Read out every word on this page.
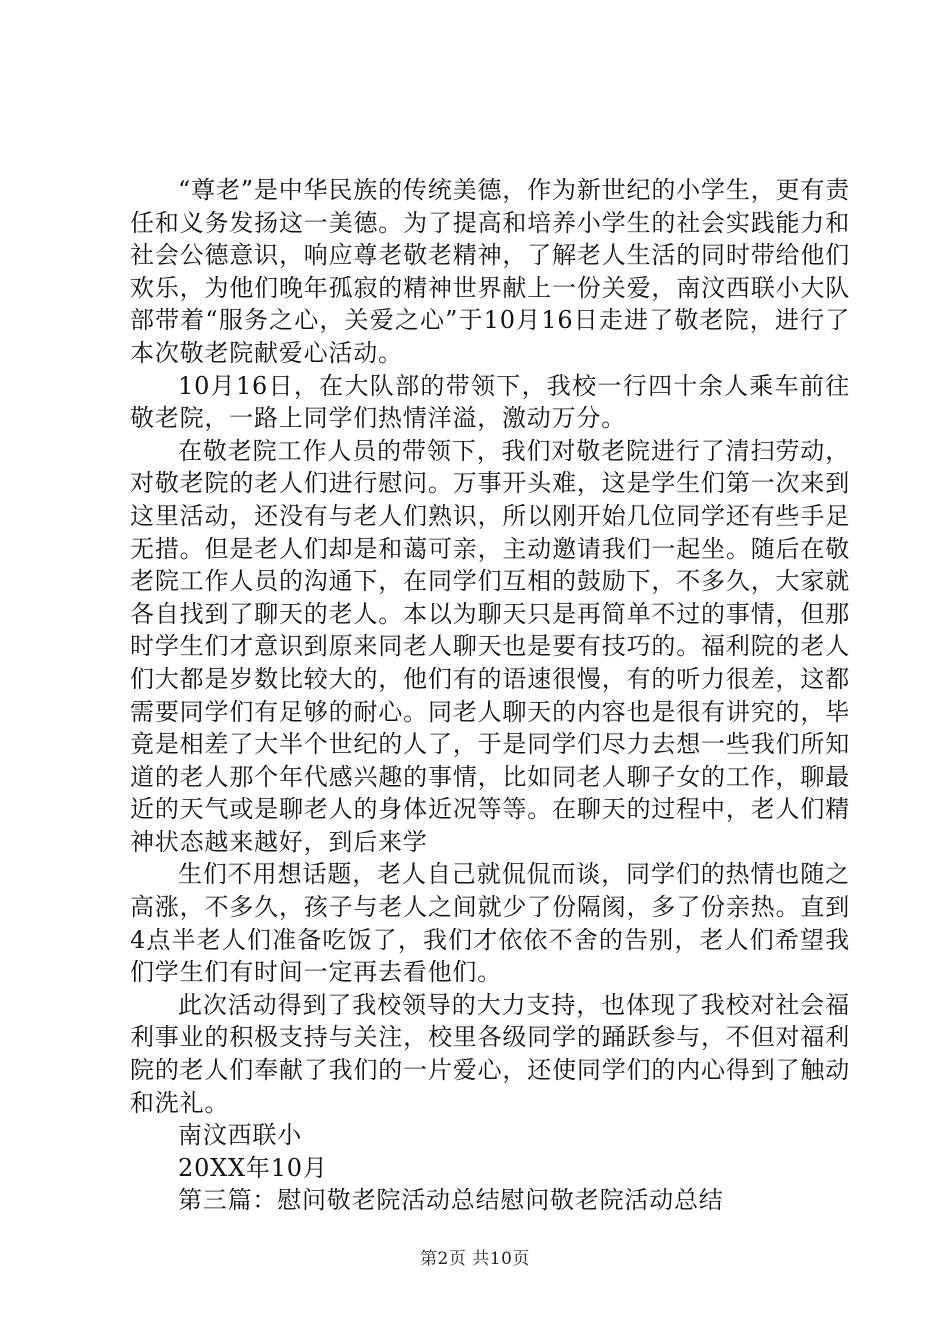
“尊老”是中华民族的传统美德，作为新世纪的小学生，更有责任和义务发扬这一美德。为了提高和培养小学生的社会实践能力和社会公德意识，响应尊老敬老精神，了解老人生活的同时带给他们欢乐，为他们晚年孤寂的精神世界献上一份关爱，南汶西联小大队部带着“服务之心，关爱之心”于10月16日走进了敬老院，进行了本次敬老院献爱心活动。

10月16日，在大队部的带领下，我校一行四十余人乘车前往敬老院，一路上同学们热情洋溢，激动万分。

在敬老院工作人员的带领下，我们对敬老院进行了清扫劳动，对敬老院的老人们进行慰问。万事开头难，这是学生们第一次来到这里活动，还没有与老人们熟识，所以刚开始几位同学还有些手足无措。但是老人们却是和蔼可亲，主动邀请我们一起坐。随后在敬老院工作人员的沟通下，在同学们互相的鼓励下，不多久，大家就各自找到了聊天的老人。本以为聊天只是再简单不过的事情，但那时学生们才意识到原来同老人聊天也是要有技巧的。福利院的老人们大都是岁数比较大的，他们有的语速很慢，有的听力很差，这都需要同学们有足够的耐心。同老人聊天的内容也是很有讲究的，毕竟是相差了大半个世纪的人了，于是同学们尽力去想一些我们所知道的老人那个年代感兴趣的事情，比如同老人聊子女的工作，聊最近的天气或是聊老人的身体近况等等。在聊天的过程中，老人们精神状态越来越好，到后来学

生们不用想话题，老人自己就侃侃而谈，同学们的热情也随之高涨，不多久，孩子与老人之间就少了份隔阂，多了份亲热。直到4点半老人们准备吃饭了，我们才依依不舍的告别，老人们希望我们学生们有时间一定再去看他们。

此次活动得到了我校领导的大力支持，也体现了我校对社会福利事业的积极支持与关注，校里各级同学的踊跃参与，不但对福利院的老人们奉献了我们的一片爱心，还使同学们的内心得到了触动和洗礼。

南汶西联小

20XX年10月

第三篇：慰问敬老院活动总结慰问敬老院活动总结

第2页 共10页
